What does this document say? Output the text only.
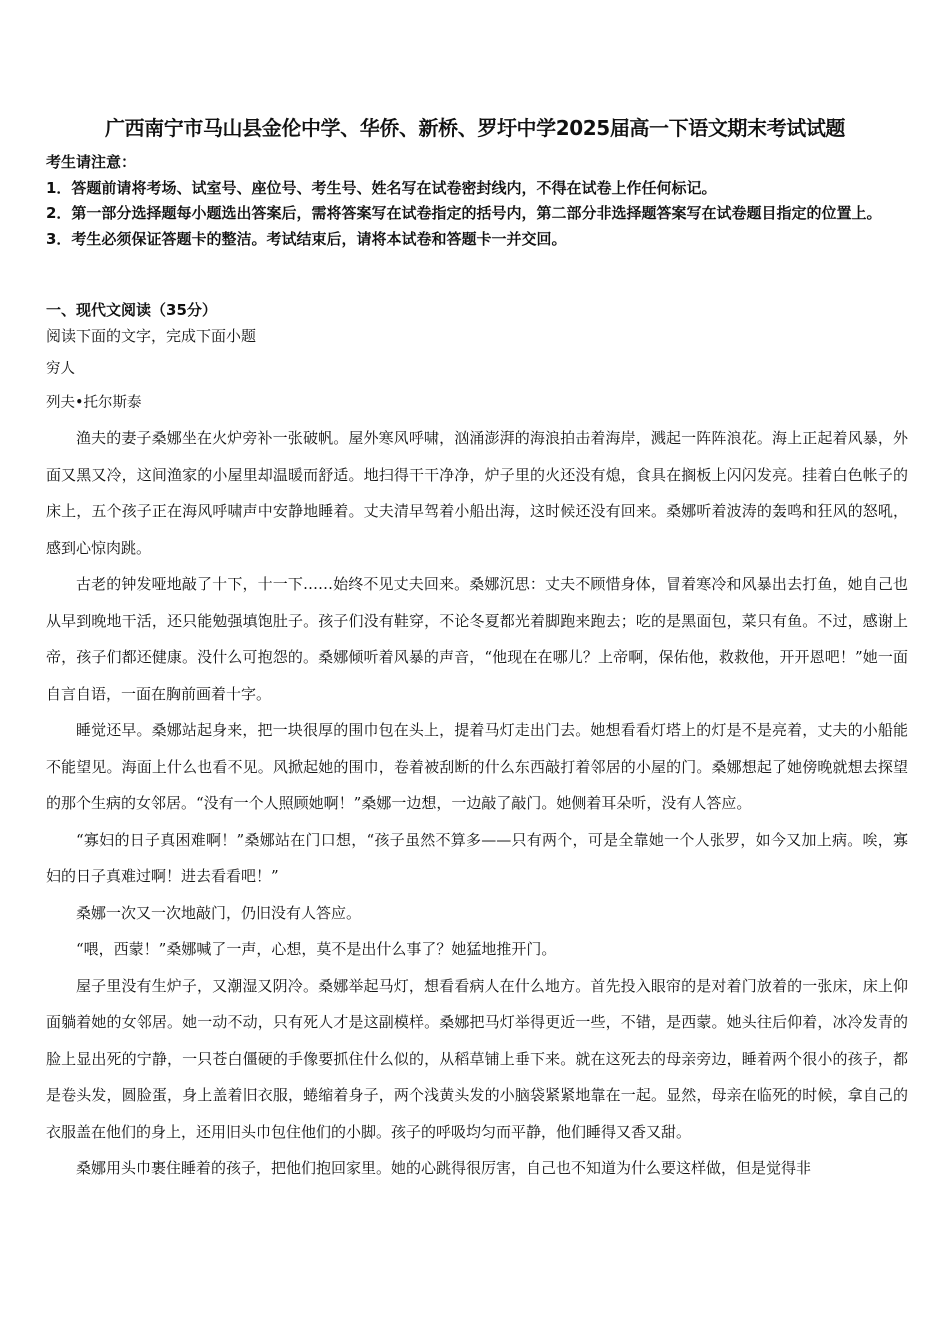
广西南宁市马山县金伦中学、华侨、新桥、罗圩中学2025届高一下语文期末考试试题
考生请注意：
1．答题前请将考场、试室号、座位号、考生号、姓名写在试卷密封线内，不得在试卷上作任何标记。
2．第一部分选择题每小题选出答案后，需将答案写在试卷指定的括号内，第二部分非选择题答案写在试卷题目指定的位置上。
3．考生必须保证答题卡的整洁。考试结束后，请将本试卷和答题卡一并交回。
一、现代文阅读（35分）
阅读下面的文字，完成下面小题
穷人
列夫•托尔斯泰

渔夫的妻子桑娜坐在火炉旁补一张破帆。屋外寒风呼啸，汹涌澎湃的海浪拍击着海岸，溅起一阵阵浪花。海上正起着风暴，外面又黑又冷，这间渔家的小屋里却温暖而舒适。地扫得干干净净，炉子里的火还没有熄，食具在搁板上闪闪发亮。挂着白色帐子的床上，五个孩子正在海风呼啸声中安静地睡着。丈夫清早驾着小船出海，这时候还没有回来。桑娜听着波涛的轰鸣和狂风的怒吼，感到心惊肉跳。

古老的钟发哑地敲了十下，十一下……始终不见丈夫回来。桑娜沉思：丈夫不顾惜身体，冒着寒冷和风暴出去打鱼，她自己也从早到晚地干活，还只能勉强填饱肚子。孩子们没有鞋穿，不论冬夏都光着脚跑来跑去；吃的是黑面包，菜只有鱼。不过，感谢上帝，孩子们都还健康。没什么可抱怨的。桑娜倾听着风暴的声音，“他现在在哪儿？上帝啊，保佑他，救救他，开开恩吧！”她一面自言自语，一面在胸前画着十字。

睡觉还早。桑娜站起身来，把一块很厚的围巾包在头上，提着马灯走出门去。她想看看灯塔上的灯是不是亮着，丈夫的小船能不能望见。海面上什么也看不见。风掀起她的围巾，卷着被刮断的什么东西敲打着邻居的小屋的门。桑娜想起了她傍晚就想去探望的那个生病的女邻居。“没有一个人照顾她啊！”桑娜一边想，一边敲了敲门。她侧着耳朵听，没有人答应。

“寡妇的日子真困难啊！”桑娜站在门口想，“孩子虽然不算多——只有两个，可是全靠她一个人张罗，如今又加上病。唉，寡妇的日子真难过啊！进去看看吧！”

桑娜一次又一次地敲门，仍旧没有人答应。

“喂，西蒙！”桑娜喊了一声，心想，莫不是出什么事了？她猛地推开门。

屋子里没有生炉子，又潮湿又阴冷。桑娜举起马灯，想看看病人在什么地方。首先投入眼帘的是对着门放着的一张床，床上仰面躺着她的女邻居。她一动不动，只有死人才是这副模样。桑娜把马灯举得更近一些，不错，是西蒙。她头往后仰着，冰冷发青的脸上显出死的宁静，一只苍白僵硬的手像要抓住什么似的，从稻草铺上垂下来。就在这死去的母亲旁边，睡着两个很小的孩子，都是卷头发，圆脸蛋，身上盖着旧衣服，蜷缩着身子，两个浅黄头发的小脑袋紧紧地靠在一起。显然，母亲在临死的时候，拿自己的衣服盖在他们的身上，还用旧头巾包住他们的小脚。孩子的呼吸均匀而平静，他们睡得又香又甜。

桑娜用头巾裹住睡着的孩子，把他们抱回家里。她的心跳得很厉害，自己也不知道为什么要这样做，但是觉得非
